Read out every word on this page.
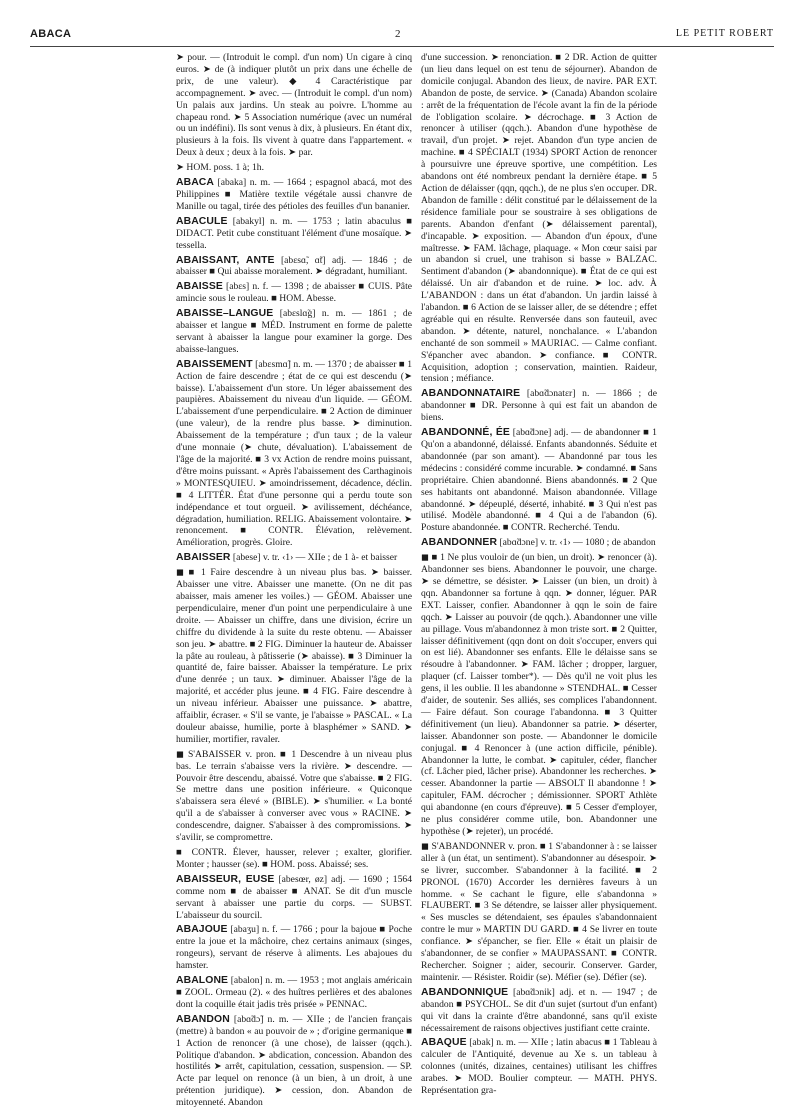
ABACA	2	LE PETIT ROBERT

➤ pour. — (Introduit le compl. d'un nom) Un cigare à cinq euros. ➤ de (à indiquer plutôt un prix dans une échelle de prix, de une valeur). ◆ 4 Caractéristique par accompagnement. ➤ avec. — (Introduit le compl. d'un nom) Un palais aux jardins. Un steak au poivre. L'homme au chapeau rond. ➤ 5 Association numérique (avec un numéral ou un indéfini). Ils sont venus à dix, à plusieurs. En étant dix, plusieurs à la fois. Ils vivent à quatre dans l'appartement. « Deux à deux ; deux à la fois. ➤ par.

➤ HOM. poss. 1 à; 1h.

ABACA [abaka] n. m. — 1664 ; espagnol abacá, mot des Philippines ■ Matière textile végétale aussi chanvre de Manille ou tagal, tirée des pétioles des feuilles d'un bananier.

ABACULE [abakyl] n. m. — 1753 ; latin abaculus ■ DIDACT. Petit cube constituant l'élément d'une mosaïque. ➤ tessella.

ABAISSANT, ANTE [abɛsɑ̃, ɑ̃t] adj. — 1846 ; de abaisser ■ Qui abaisse moralement. ➤ dégradant, humiliant.

ABAISSE [abɛs] n. f. — 1398 ; de abaisser ■ CUIS. Pâte amincie sous le rouleau. ■ HOM. Abesse.

ABAISSE–LANGUE [abɛslɑ̃g] n. m. — 1861 ; de abaisser et langue ■ MÉD. Instrument en forme de palette servant à abaisser la langue pour examiner la gorge. Des abaisse-langues.

ABAISSEMENT [abɛsmɑ̃] n. m. — 1370 ; de abaisser ■ 1 Action de faire descendre ; état de ce qui est descendu (➤ baisse). L'abaissement d'un store. Un léger abaissement des paupières. Abaissement du niveau d'un liquide. — GÉOM. L'abaissement d'une perpendiculaire. ■ 2 Action de diminuer (une valeur), de la rendre plus basse. ➤ diminution. Abaissement de la température ; d'un taux ; de la valeur d'une monnaie (➤ chute, dévaluation). L'abaissement de l'âge de la majorité. ■ 3 vx Action de rendre moins puissant, d'être moins puissant. « Après l'abaissement des Carthaginois » MONTESQUIEU. ➤ amoindrissement, décadence, déclin. ■ 4 LITTÉR. État d'une personne qui a perdu toute son indépendance et tout orgueil. ➤ avilissement, déchéance, dégradation, humiliation. RELIG. Abaissement volontaire. ➤ renoncement. ■ CONTR. Élévation, relèvement. Amélioration, progrès. Gloire.

ABAISSER [abese] v. tr. ‹1› — XIIe ; de 1 à- et baisser

◼ ■ 1 Faire descendre à un niveau plus bas. ➤ baisser. Abaisser une vitre. Abaisser une manette. (On ne dit pas abaisser, mais amener les voiles.) — GÉOM. Abaisser une perpendiculaire, mener d'un point une perpendiculaire à une droite. — Abaisser un chiffre, dans une division, écrire un chiffre du dividende à la suite du reste obtenu. — Abaisser son jeu. ➤ abattre. ■ 2 FIG. Diminuer la hauteur de. Abaisser la pâte au rouleau, à pâtisserie (➤ abaisse). ■ 3 Diminuer la quantité de, faire baisser. Abaisser la température. Le prix d'une denrée ; un taux. ➤ diminuer. Abaisser l'âge de la majorité, et accéder plus jeune. ■ 4 FIG. Faire descendre à un niveau inférieur. Abaisser une puissance. ➤ abattre, affaiblir, écraser. « S'il se vante, je l'abaisse » PASCAL. « La douleur abaisse, humilie, porte à blasphémer » SAND. ➤ humilier, mortifier, ravaler.

◼ S'ABAISSER v. pron. ■ 1 Descendre à un niveau plus bas. Le terrain s'abaisse vers la rivière. ➤ descendre. — Pouvoir être descendu, abaissé. Votre que s'abaisse. ■ 2 FIG. Se mettre dans une position inférieure. « Quiconque s'abaissera sera élevé » (BIBLE). ➤ s'humilier. « La bonté qu'il a de s'abaisser à converser avec vous » RACINE. ➤ condescendre, daigner. S'abaisser à des compromissions. ➤ s'avilir, se compromettre.

■ CONTR. Élever, hausser, relever ; exalter, glorifier. Monter ; hausser (se). ■ HOM. poss. Abaissé; ses.

ABAISSEUR, EUSE [abesœr, øz] adj. — 1690 ; 1564 comme nom ■ de abaisser ■ ANAT. Se dit d'un muscle servant à abaisser une partie du corps. — SUBST. L'abaisseur du sourcil.

ABAJOUE [abaʒu] n. f. — 1766 ; pour la bajoue ■ Poche entre la joue et la mâchoire, chez certains animaux (singes, rongeurs), servant de réserve à aliments. Les abajoues du hamster.

ABALONE [abalon] n. m. — 1953 ; mot anglais américain ■ ZOOL. Ormeau (2). « des huîtres perlières et des abalones dont la coquille était jadis très prisée » PENNAC.

ABANDON [abɑ̃dɔ̃] n. m. — XIIe ; de l'ancien français (mettre) à bandon « au pouvoir de » ; d'origine germanique ■ 1 Action de renoncer (à une chose), de laisser (qqch.). Politique d'abandon. ➤ abdication, concession. Abandon des hostilités ➤ arrêt, capitulation, cessation, suspension. — SP. Acte par lequel on renonce (à un bien, à un droit, à une prétention juridique). ➤ cession, don. Abandon de mitoyenneté. Abandon

d'une succession. ➤ renonciation. ■ 2 DR. Action de quitter (un lieu dans lequel on est tenu de séjourner). Abandon de domicile conjugal. Abandon des lieux, de navire. PAR EXT. Abandon de poste, de service. ➤ (Canada) Abandon scolaire : arrêt de la fréquentation de l'école avant la fin de la période de l'obligation scolaire. ➤ décrochage. ■ 3 Action de renoncer à utiliser (qqch.). Abandon d'une hypothèse de travail, d'un projet. ➤ rejet. Abandon d'un type ancien de machine. ■ 4 SPÉCIALT (1934) SPORT Action de renoncer à poursuivre une épreuve sportive, une compétition. Les abandons ont été nombreux pendant la dernière étape. ■ 5 Action de délaisser (qqn, qqch.), de ne plus s'en occuper. DR. Abandon de famille : délit constitué par le délaissement de la résidence familiale pour se soustraire à ses obligations de parents. Abandon d'enfant (➤ délaissement parental), d'incapable. ➤ exposition. — Abandon d'un époux, d'une maîtresse. ➤ FAM. lâchage, plaquage. « Mon cœur saisi par un abandon si cruel, une trahison si basse » BALZAC. Sentiment d'abandon (➤ abandonnique). ■ État de ce qui est délaissé. Un air d'abandon et de ruine. ➤ loc. adv. À L'ABANDON : dans un état d'abandon. Un jardin laissé à l'abandon. ■ 6 Action de se laisser aller, de se détendre ; effet agréable qui en résulte. Renversée dans son fauteuil, avec abandon. ➤ détente, naturel, nonchalance. « L'abandon enchanté de son sommeil » MAURIAC. — Calme confiant. S'épancher avec abandon. ➤ confiance. ■ CONTR. Acquisition, adoption ; conservation, maintien. Raideur, tension ; méfiance.

ABANDONNATAIRE [abɑ̃dɔnatɛr] n. — 1866 ; de abandonner ■ DR. Personne à qui est fait un abandon de biens.

ABANDONNÉ, ÉE [abɑ̃dɔne] adj. — de abandonner ■ 1 Qu'on a abandonné, délaissé. Enfants abandonnés. Séduite et abandonnée (par son amant). — Abandonné par tous les médecins : considéré comme incurable. ➤ condamné. ■ Sans propriétaire. Chien abandonné. Biens abandonnés. ■ 2 Que ses habitants ont abandonné. Maison abandonnée. Village abandonné. ➤ dépeuplé, déserté, inhabité. ■ 3 Qui n'est pas utilisé. Modèle abandonné. ■ 4 Qui a de l'abandon (6). Posture abandonnée. ■ CONTR. Recherché. Tendu.

ABANDONNER [abɑ̃dɔne] v. tr. ‹1› — 1080 ; de abandon

◼ ■ 1 Ne plus vouloir de (un bien, un droit). ➤ renoncer (à). Abandonner ses biens. Abandonner le pouvoir, une charge. ➤ se démettre, se désister. ➤ Laisser (un bien, un droit) à qqn. Abandonner sa fortune à qqn. ➤ donner, léguer. PAR EXT. Laisser, confier. Abandonner à qqn le soin de faire qqch. ➤ Laisser au pouvoir (de qqch.). Abandonner une ville au pillage. Vous m'abandonnez à mon triste sort. ■ 2 Quitter, laisser définitivement (qqn dont on doit s'occuper, envers qui on est lié). Abandonner ses enfants. Elle le délaisse sans se résoudre à l'abandonner. ➤ FAM. lâcher ; dropper, larguer, plaquer (cf. Laisser tomber*). — Dès qu'il ne voit plus les gens, il les oublie. Il les abandonne » STENDHAL. ■ Cesser d'aider, de soutenir. Ses alliés, ses complices l'abandonnent. — Faire défaut. Son courage l'abandonna. ■ 3 Quitter définitivement (un lieu). Abandonner sa patrie. ➤ déserter, laisser. Abandonner son poste. — Abandonner le domicile conjugal. ■ 4 Renoncer à (une action difficile, pénible). Abandonner la lutte, le combat. ➤ capituler, céder, flancher (cf. Lâcher pied, lâcher prise). Abandonner les recherches. ➤ cesser. Abandonner la partie — ABSOLT Il abandonne ! ➤ capituler, FAM. décrocher ; démissionner. SPORT Athlète qui abandonne (en cours d'épreuve). ■ 5 Cesser d'employer, ne plus considérer comme utile, bon. Abandonner une hypothèse (➤ rejeter), un procédé.

◼ S'ABANDONNER v. pron. ■ 1 S'abandonner à : se laisser aller à (un état, un sentiment). S'abandonner au désespoir. ➤ se livrer, succomber. S'abandonner à la facilité. ■ 2 PRONOL (1670) Accorder les dernières faveurs à un homme. « Se cachant le figure, elle s'abandonna » FLAUBERT. ■ 3 Se détendre, se laisser aller physiquement. « Ses muscles se détendaient, ses épaules s'abandonnaient contre le mur » MARTIN DU GARD. ■ 4 Se livrer en toute confiance. ➤ s'épancher, se fier. Elle « était un plaisir de s'abandonner, de se confier » MAUPASSANT. ■ CONTR. Rechercher. Soigner ; aider, secourir. Conserver. Garder, maintenir. — Résister. Roidir (se). Méfier (se). Défier (se).

ABANDONNIQUE [abɑ̃dɔnik] adj. et n. — 1947 ; de abandon ■ PSYCHOL. Se dit d'un sujet (surtout d'un enfant) qui vit dans la crainte d'être abandonné, sans qu'il existe nécessairement de raisons objectives justifiant cette crainte.

ABAQUE [abak] n. m. — XIIe ; latin abacus ■ 1 Tableau à calculer de l'Antiquité, devenue au Xe s. un tableau à colonnes (unités, dizaines, centaines) utilisant les chiffres arabes. ➤ MOD. Boulier compteur. — MATH. PHYS. Représentation gra-
